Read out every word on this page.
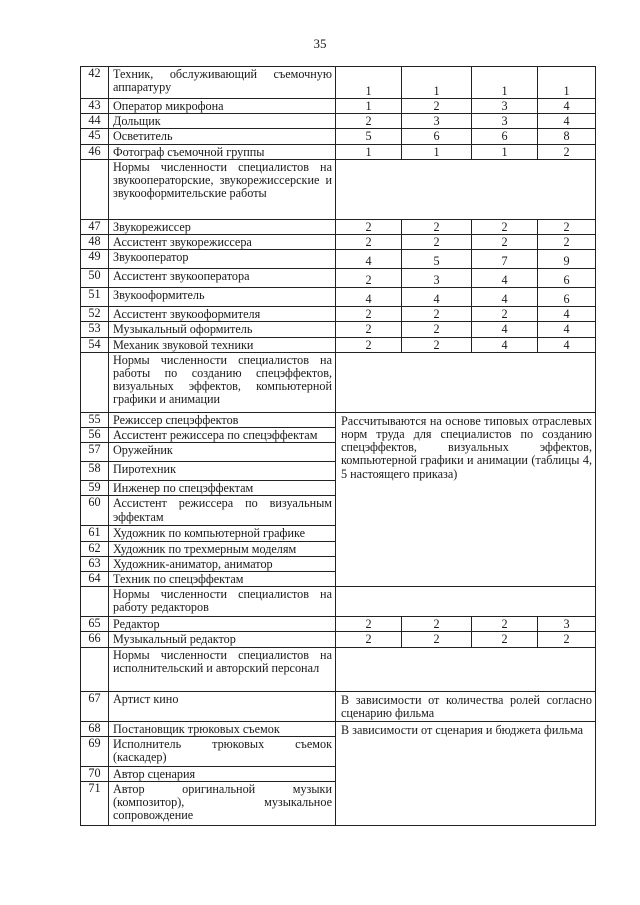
35
42	Техник, обслуживающий съемочную аппаратуру	1	1	1	1
43	Оператор микрофона	1	2	3	4
44	Дольщик	2	3	3	4
45	Осветитель	5	6	6	8
46	Фотограф съемочной группы	1	1	1	2
	Нормы численности специалистов на звукооператорские, звукорежиссерские и звукооформительские работы				
47	Звукорежиссер	2	2	2	2
48	Ассистент звукорежиссера	2	2	2	2
49	Звукооператор	4	5	7	9
50	Ассистент звукооператора	2	3	4	6
51	Звукооформитель	4	4	4	6
52	Ассистент звукооформителя	2	2	2	4
53	Музыкальный оформитель	2	2	4	4
54	Механик звуковой техники	2	2	4	4
	Нормы численности специалистов на работы по созданию спецэффектов, визуальных эффектов, компьютерной графики и анимации				
55	Режиссер спецэффектов	Рассчитываются на основе типовых отраслевых норм труда для специалистов по созданию спецэффектов, визуальных эффектов, компьютерной графики и анимации (таблицы 4, 5 настоящего приказа)			
56	Ассистент режиссера по спецэффектам				
57	Оружейник				
58	Пиротехник				
59	Инженер по спецэффектам				
60	Ассистент режиссера по визуальным эффектам				
61	Художник по компьютерной графике				
62	Художник по трехмерным моделям				
63	Художник-аниматор, аниматор				
64	Техник по спецэффектам				
	Нормы численности специалистов на работу редакторов				
65	Редактор	2	2	2	3
66	Музыкальный редактор	2	2	2	2
	Нормы численности специалистов на исполнительский и авторский персонал				
67	Артист кино	В зависимости от количества ролей согласно сценарию фильма			
68	Постановщик трюковых съемок	В зависимости от сценария и бюджета фильма			
69	Исполнитель трюковых съемок (каскадер)				
70	Автор сценария				
71	Автор оригинальной музыки (композитор), музыкальное сопровождение				
